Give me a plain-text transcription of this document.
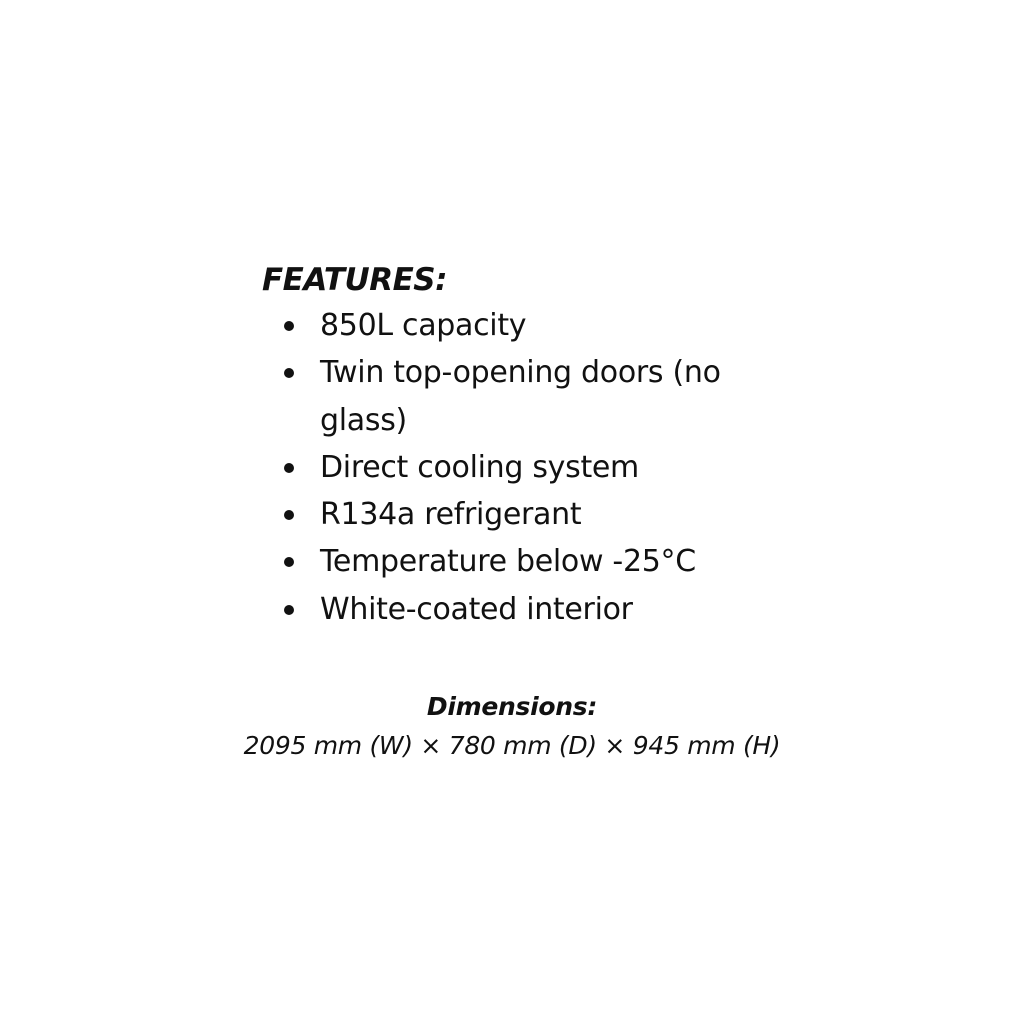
FEATURES:
850L capacity
Twin top-opening doors (no glass)
Direct cooling system
R134a refrigerant
Temperature below -25°C
White-coated interior

Dimensions:

2095 mm (W) × 780 mm (D) × 945 mm (H)
